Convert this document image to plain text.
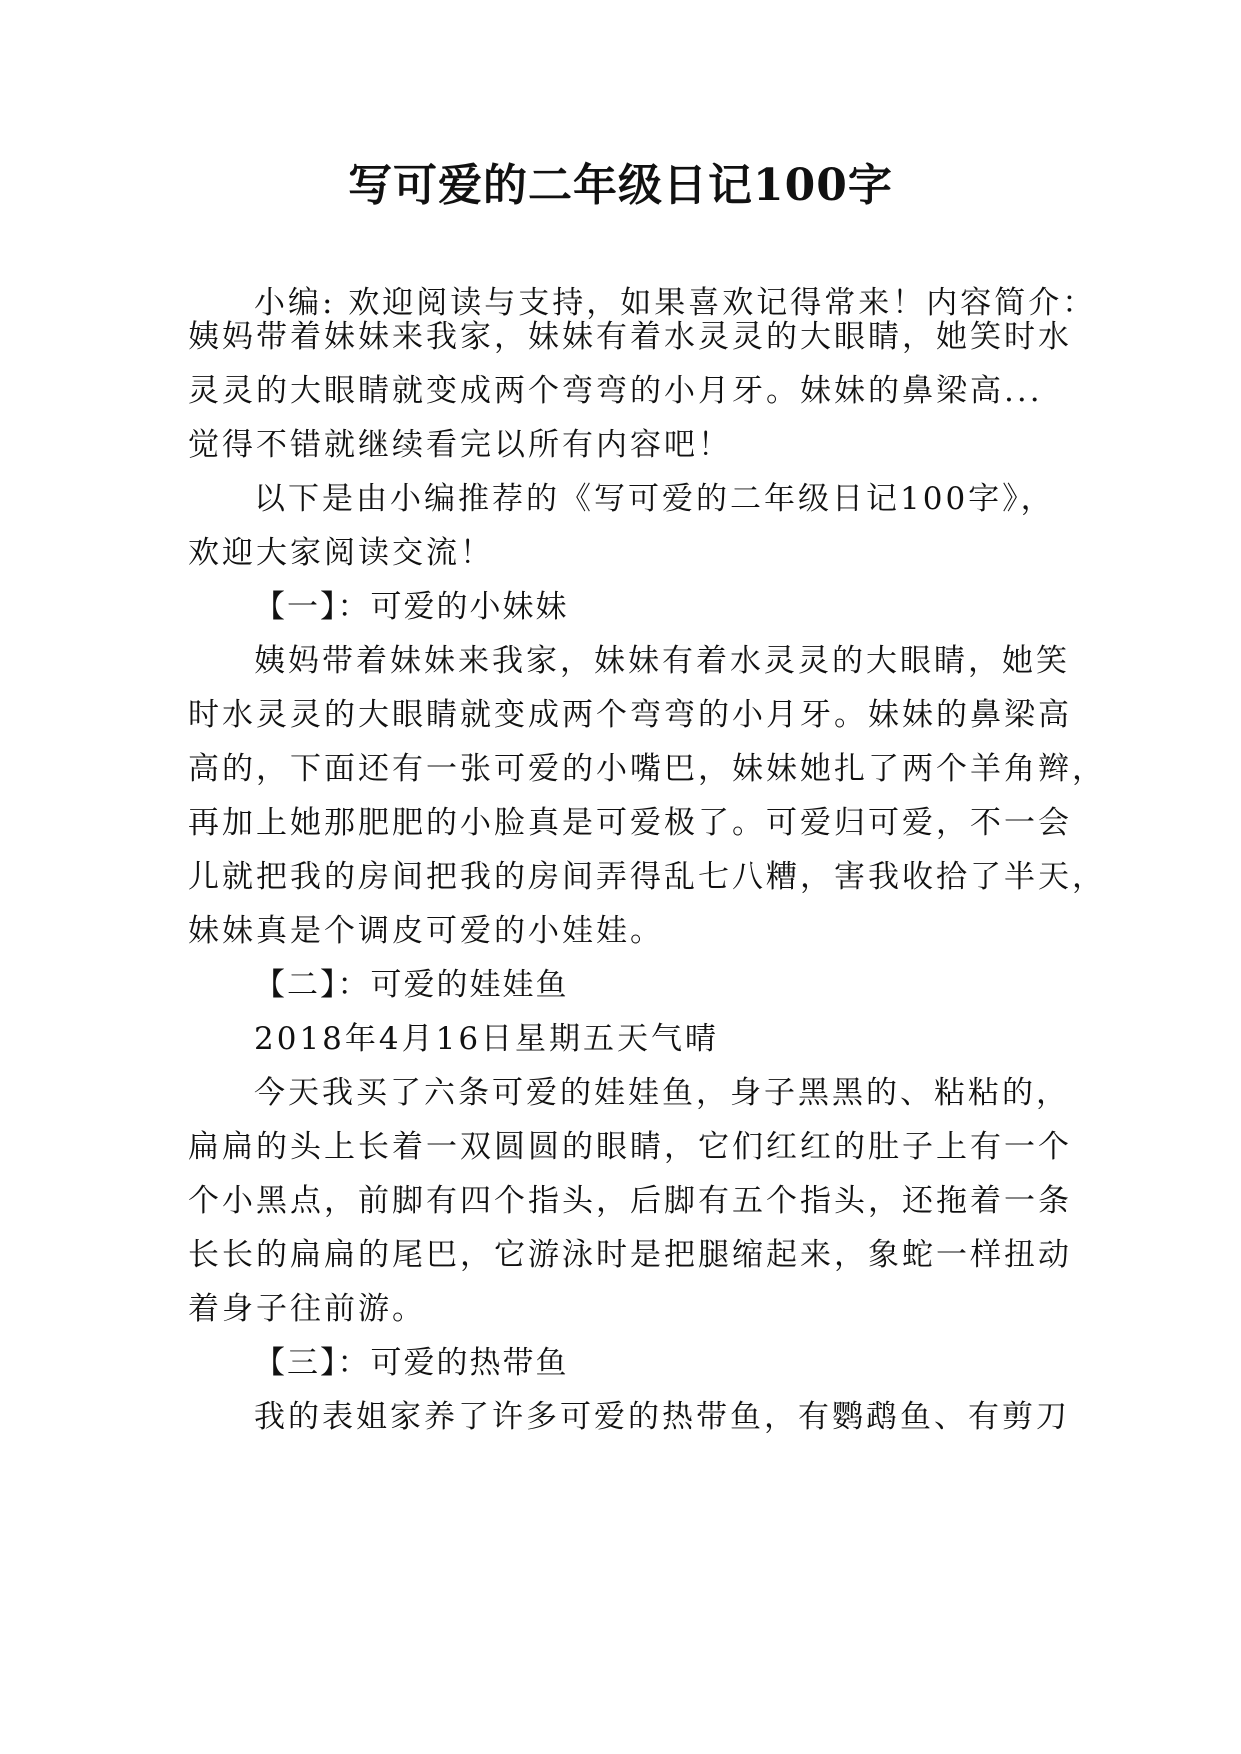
写可爱的二年级日记100字
小编: 欢迎阅读与支持，如果喜欢记得常来！内容简介：
姨妈带着妹妹来我家，妹妹有着水灵灵的大眼睛，她笑时水
灵灵的大眼睛就变成两个弯弯的小月牙。妹妹的鼻梁高...
觉得不错就继续看完以所有内容吧！
以下是由小编推荐的《写可爱的二年级日记100字》，
欢迎大家阅读交流！
【一】：可爱的小妹妹
姨妈带着妹妹来我家，妹妹有着水灵灵的大眼睛，她笑
时水灵灵的大眼睛就变成两个弯弯的小月牙。妹妹的鼻梁高
高的，下面还有一张可爱的小嘴巴，妹妹她扎了两个羊角辫，
再加上她那肥肥的小脸真是可爱极了。可爱归可爱，不一会
儿就把我的房间把我的房间弄得乱七八糟，害我收拾了半天，
妹妹真是个调皮可爱的小娃娃。
【二】：可爱的娃娃鱼
2018年4月16日星期五天气晴
今天我买了六条可爱的娃娃鱼，身子黑黑的、粘粘的，
扁扁的头上长着一双圆圆的眼睛，它们红红的肚子上有一个
个小黑点，前脚有四个指头，后脚有五个指头，还拖着一条
长长的扁扁的尾巴，它游泳时是把腿缩起来，象蛇一样扭动
着身子往前游。
【三】：可爱的热带鱼
我的表姐家养了许多可爱的热带鱼，有鹦鹉鱼、有剪刀
